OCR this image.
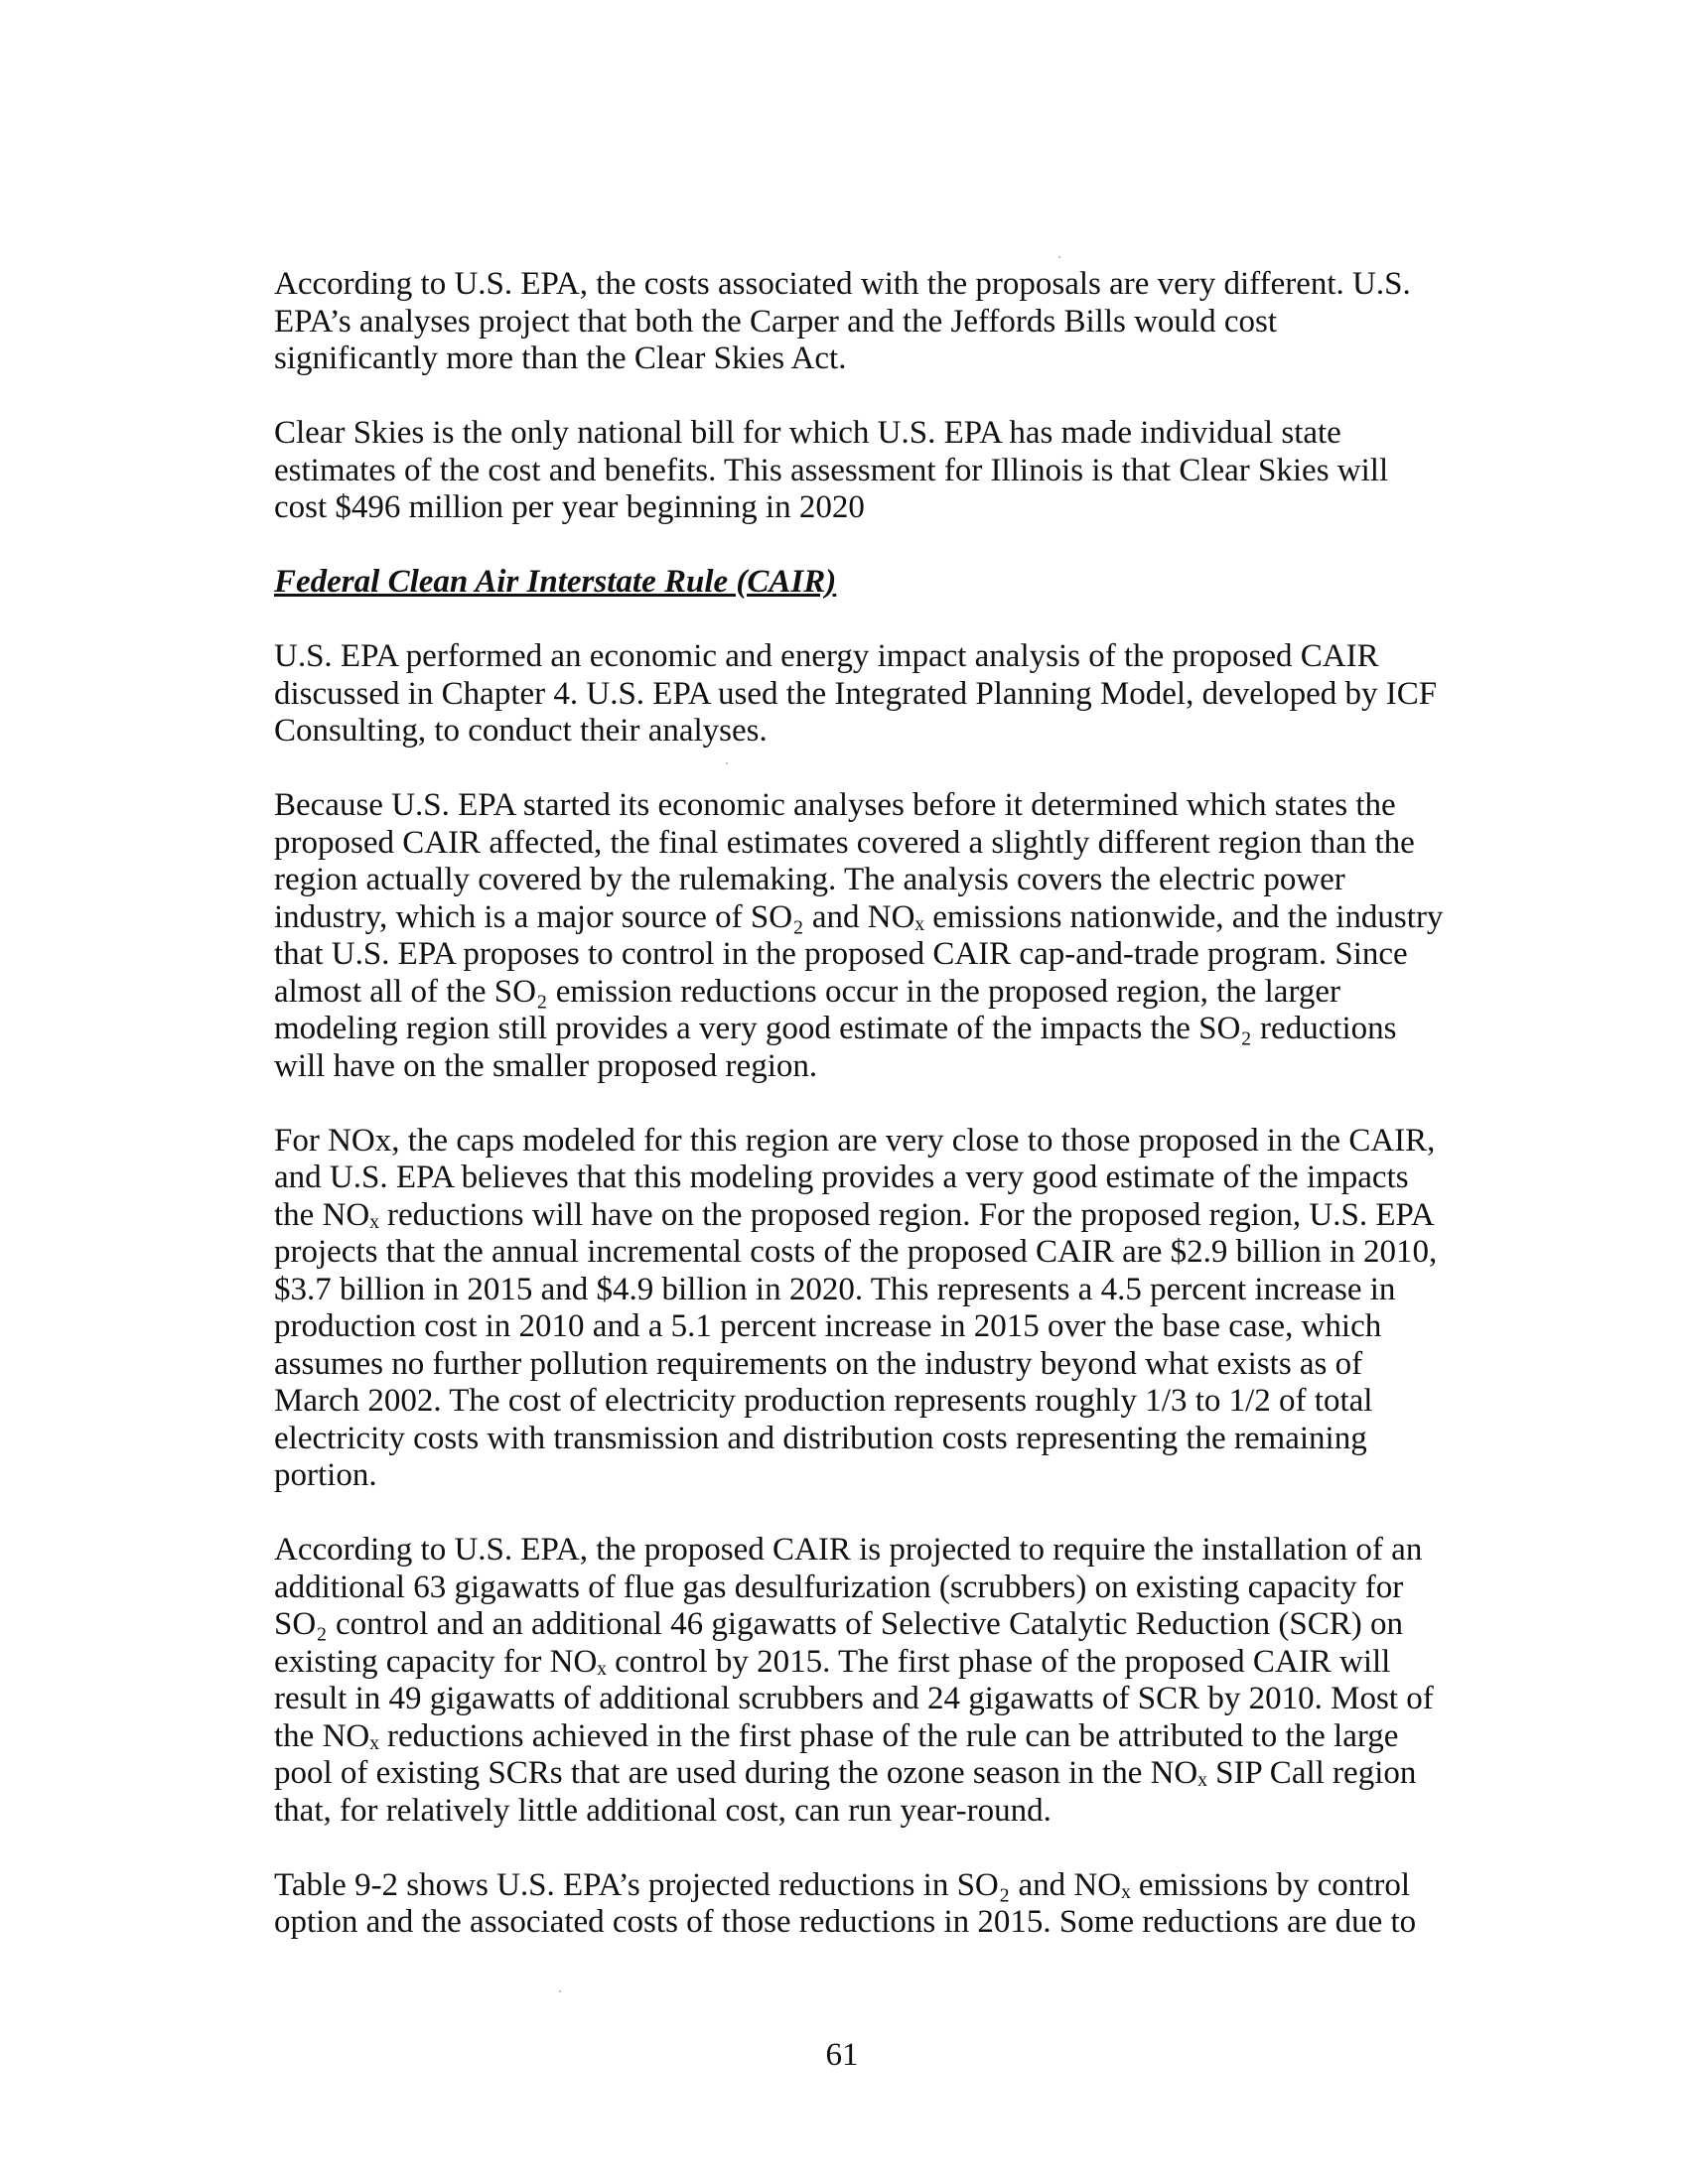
According to U.S. EPA, the costs associated with the proposals are very different. U.S.
EPA’s analyses project that both the Carper and the Jeffords Bills would cost
significantly more than the Clear Skies Act.
Clear Skies is the only national bill for which U.S. EPA has made individual state
estimates of the cost and benefits. This assessment for Illinois is that Clear Skies will
cost $496 million per year beginning in 2020
Federal Clean Air Interstate Rule (CAIR)
U.S. EPA performed an economic and energy impact analysis of the proposed CAIR
discussed in Chapter 4. U.S. EPA used the Integrated Planning Model, developed by ICF
Consulting, to conduct their analyses.
Because U.S. EPA started its economic analyses before it determined which states the
proposed CAIR affected, the final estimates covered a slightly different region than the
region actually covered by the rulemaking. The analysis covers the electric power
industry, which is a major source of SO₂ and NOₓ emissions nationwide, and the industry
that U.S. EPA proposes to control in the proposed CAIR cap-and-trade program. Since
almost all of the SO₂ emission reductions occur in the proposed region, the larger
modeling region still provides a very good estimate of the impacts the SO₂ reductions
will have on the smaller proposed region.
For NOx, the caps modeled for this region are very close to those proposed in the CAIR,
and U.S. EPA believes that this modeling provides a very good estimate of the impacts
the NOₓ reductions will have on the proposed region. For the proposed region, U.S. EPA
projects that the annual incremental costs of the proposed CAIR are $2.9 billion in 2010,
$3.7 billion in 2015 and $4.9 billion in 2020. This represents a 4.5 percent increase in
production cost in 2010 and a 5.1 percent increase in 2015 over the base case, which
assumes no further pollution requirements on the industry beyond what exists as of
March 2002. The cost of electricity production represents roughly 1/3 to 1/2 of total
electricity costs with transmission and distribution costs representing the remaining
portion.
According to U.S. EPA, the proposed CAIR is projected to require the installation of an
additional 63 gigawatts of flue gas desulfurization (scrubbers) on existing capacity for
SO₂ control and an additional 46 gigawatts of Selective Catalytic Reduction (SCR) on
existing capacity for NOₓ control by 2015. The first phase of the proposed CAIR will
result in 49 gigawatts of additional scrubbers and 24 gigawatts of SCR by 2010. Most of
the NOₓ reductions achieved in the first phase of the rule can be attributed to the large
pool of existing SCRs that are used during the ozone season in the NOₓ SIP Call region
that, for relatively little additional cost, can run year-round.
Table 9-2 shows U.S. EPA’s projected reductions in SO₂ and NOₓ emissions by control
option and the associated costs of those reductions in 2015. Some reductions are due to
61
